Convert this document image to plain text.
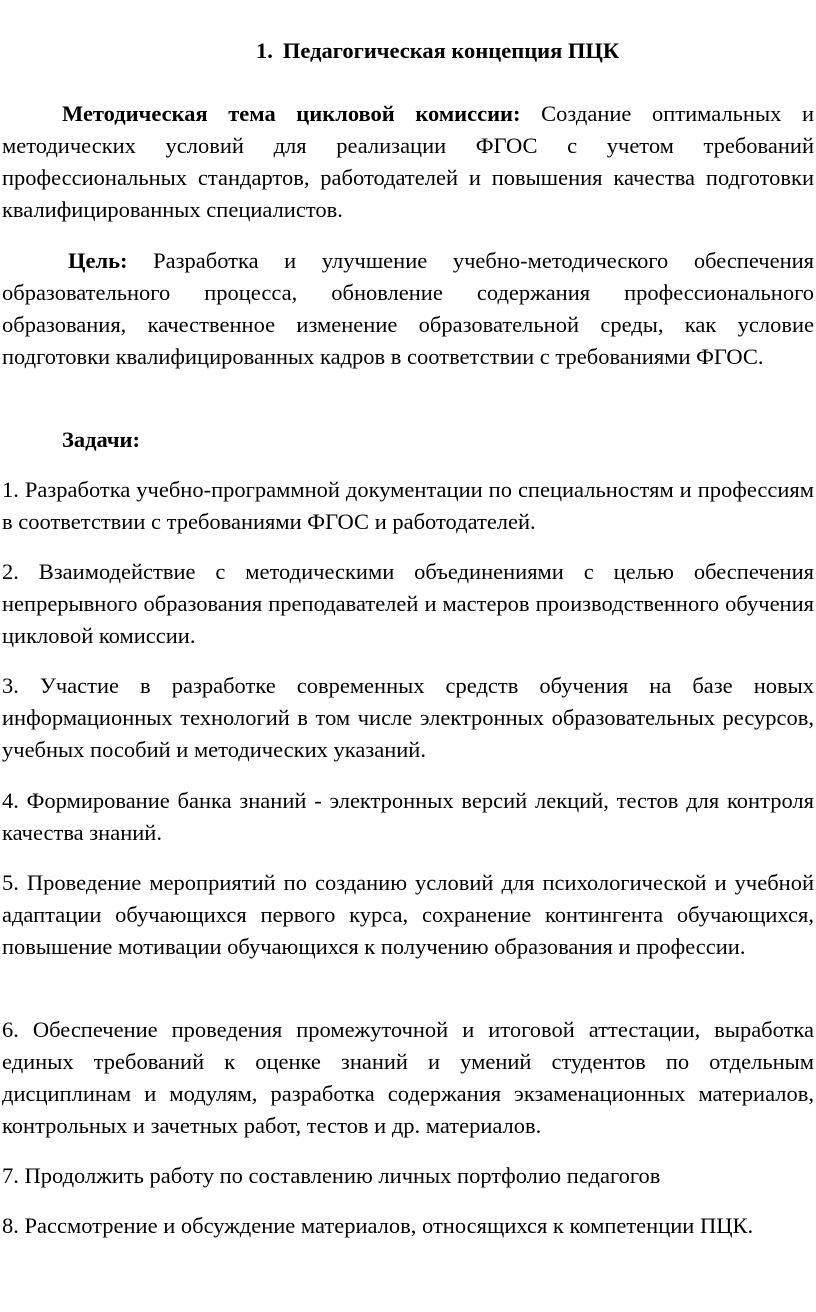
1. Педагогическая концепция ПЦК
Методическая тема цикловой комиссии: Создание оптимальных и методических условий для реализации ФГОС с учетом требований профессиональных стандартов, работодателей и повышения качества подготовки квалифицированных специалистов.
Цель: Разработка и улучшение учебно-методического обеспечения образовательного процесса, обновление содержания профессионального образования, качественное изменение образовательной среды, как условие подготовки квалифицированных кадров в соответствии с требованиями ФГОС.
Задачи:
1. Разработка учебно-программной документации по специальностям и профессиям в соответствии с требованиями ФГОС и работодателей.
2. Взаимодействие с методическими объединениями с целью обеспечения непрерывного образования преподавателей и мастеров производственного обучения цикловой комиссии.
3. Участие в разработке современных средств обучения на базе новых информационных технологий в том числе электронных образовательных ресурсов, учебных пособий и методических указаний.
4. Формирование банка знаний - электронных версий лекций, тестов для контроля качества знаний.
5. Проведение мероприятий по созданию условий для психологической и учебной адаптации обучающихся первого курса, сохранение контингента обучающихся, повышение мотивации обучающихся к получению образования и профессии.
6. Обеспечение проведения промежуточной и итоговой аттестации, выработка единых требований к оценке знаний и умений студентов по отдельным дисциплинам и модулям, разработка содержания экзаменационных материалов, контрольных и зачетных работ, тестов и др. материалов.
7. Продолжить работу по составлению личных портфолио педагогов
8. Рассмотрение и обсуждение материалов, относящихся к компетенции ПЦК.
